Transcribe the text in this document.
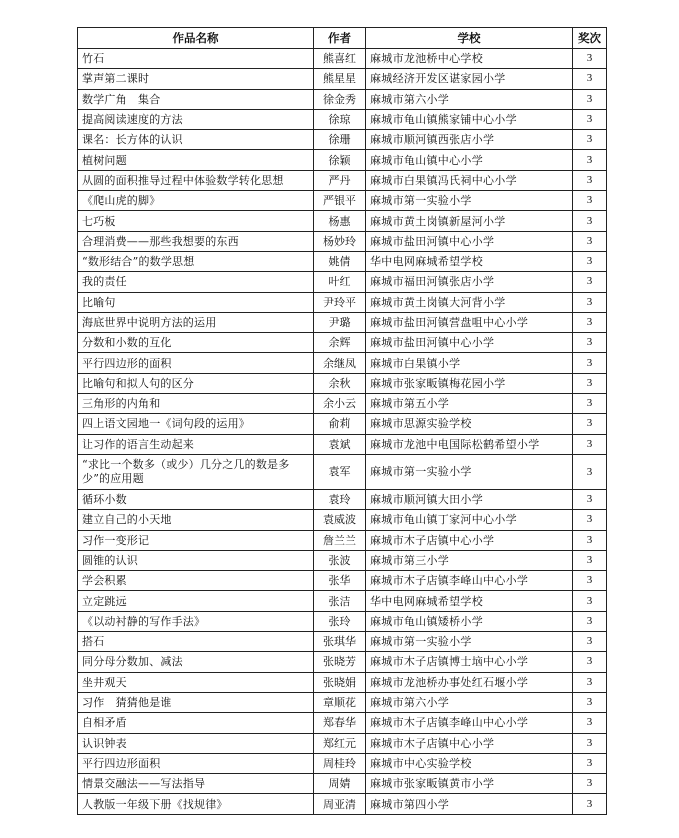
作品名称	作者	学校	奖次
竹石	熊喜红	麻城市龙池桥中心学校	3
掌声第二课时	熊星星	麻城经济开发区谌家园小学	3
数学广角　集合	徐金秀	麻城市第六小学	3
提高阅读速度的方法	徐琼	麻城市龟山镇熊家铺中心小学	3
课名：长方体的认识	徐珊	麻城市顺河镇西张店小学	3
植树问题	徐颖	麻城市龟山镇中心小学	3
从圆的面积推导过程中体验数学转化思想	严丹	麻城市白果镇冯氏祠中心小学	3
《爬山虎的脚》	严银平	麻城市第一实验小学	3
七巧板	杨惠	麻城市黄土岗镇新屋河小学	3
合理消费——那些我想要的东西	杨妙玲	麻城市盐田河镇中心小学	3
“数形结合”的数学思想	姚倩	华中电网麻城希望学校	3
我的责任	叶红	麻城市福田河镇张店小学	3
比喻句	尹玲平	麻城市黄土岗镇大河背小学	3
海底世界中说明方法的运用	尹璐	麻城市盐田河镇营盘咀中心小学	3
分数和小数的互化	余辉	麻城市盐田河镇中心小学	3
平行四边形的面积	余继凤	麻城市白果镇小学	3
比喻句和拟人句的区分	余秋	麻城市张家畈镇梅花园小学	3
三角形的内角和	余小云	麻城市第五小学	3
四上语文园地一《词句段的运用》	俞莉	麻城市思源实验学校	3
让习作的语言生动起来	袁斌	麻城市龙池中电国际松鹤希望小学	3
“求比一个数多（或少）几分之几的数是多少”的应用题	袁军	麻城市第一实验小学	3
循环小数	袁玲	麻城市顺河镇大田小学	3
建立自己的小天地	袁威波	麻城市龟山镇丁家河中心小学	3
习作一变形记	詹兰兰	麻城市木子店镇中心小学	3
圆锥的认识	张波	麻城市第三小学	3
学会积累	张华	麻城市木子店镇李峰山中心小学	3
立定跳远	张洁	华中电网麻城希望学校	3
《以动衬静的写作手法》	张玲	麻城市龟山镇矮桥小学	3
搭石	张琪华	麻城市第一实验小学	3
同分母分数加、减法	张晓芳	麻城市木子店镇博士垴中心小学	3
坐井观天	张晓娟	麻城市龙池桥办事处红石堰小学	3
习作　猜猜他是谁	章顺花	麻城市第六小学	3
自相矛盾	郑春华	麻城市木子店镇李峰山中心小学	3
认识钟表	郑红元	麻城市木子店镇中心小学	3
平行四边形面积	周桂玲	麻城市中心实验学校	3
情景交融法——写法指导	周婧	麻城市张家畈镇黄市小学	3
人教版一年级下册《找规律》	周亚清	麻城市第四小学	3
